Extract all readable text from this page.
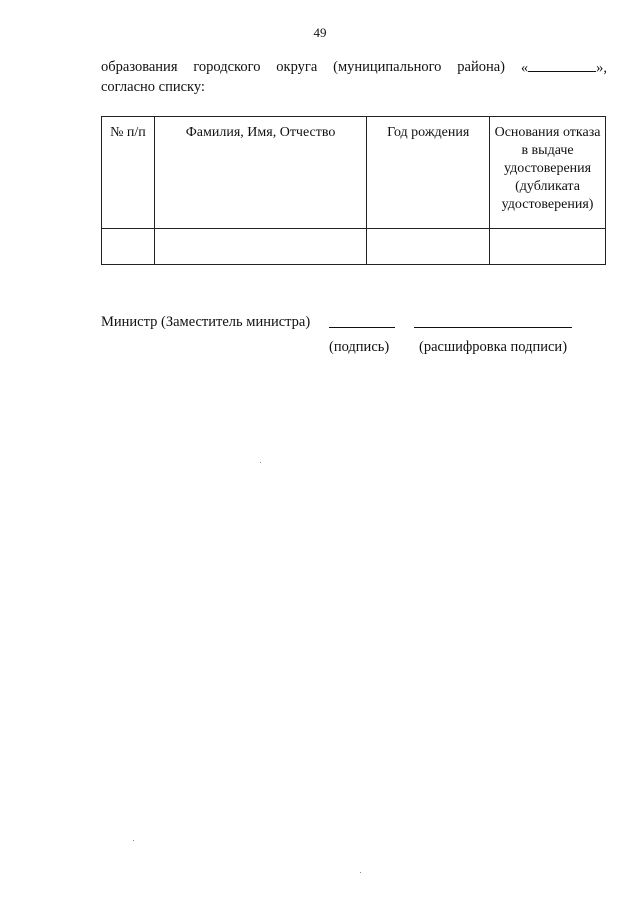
49
образования городского округа (муниципального района) «	»,
согласно списку:
№ п/п	Фамилия, Имя, Отчество	Год рождения	Основания отказа в выдаче удостоверения (дубликата удостоверения)

Министр (Заместитель министра)
(подпись) (расшифровка подписи)
